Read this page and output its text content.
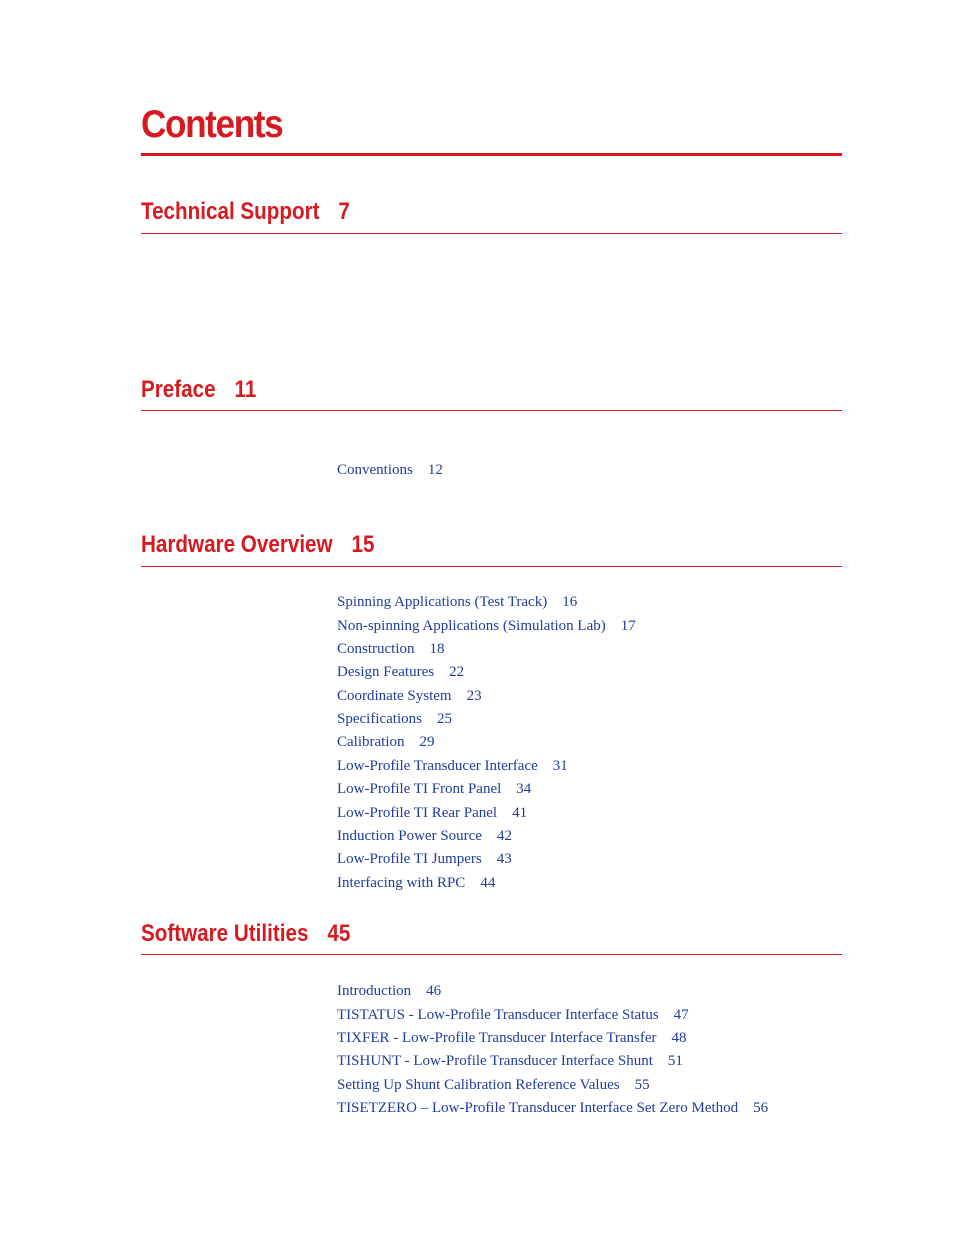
Contents
Technical Support 7
Preface 11
Conventions 12
Hardware Overview 15
Spinning Applications (Test Track) 16
Non-spinning Applications (Simulation Lab) 17
Construction 18
Design Features 22
Coordinate System 23
Specifications 25
Calibration 29
Low-Profile Transducer Interface 31
Low-Profile TI Front Panel 34
Low-Profile TI Rear Panel 41
Induction Power Source 42
Low-Profile TI Jumpers 43
Interfacing with RPC 44
Software Utilities 45
Introduction 46
TISTATUS - Low-Profile Transducer Interface Status 47
TIXFER - Low-Profile Transducer Interface Transfer 48
TISHUNT - Low-Profile Transducer Interface Shunt 51
Setting Up Shunt Calibration Reference Values 55
TISETZERO – Low-Profile Transducer Interface Set Zero Method 56
